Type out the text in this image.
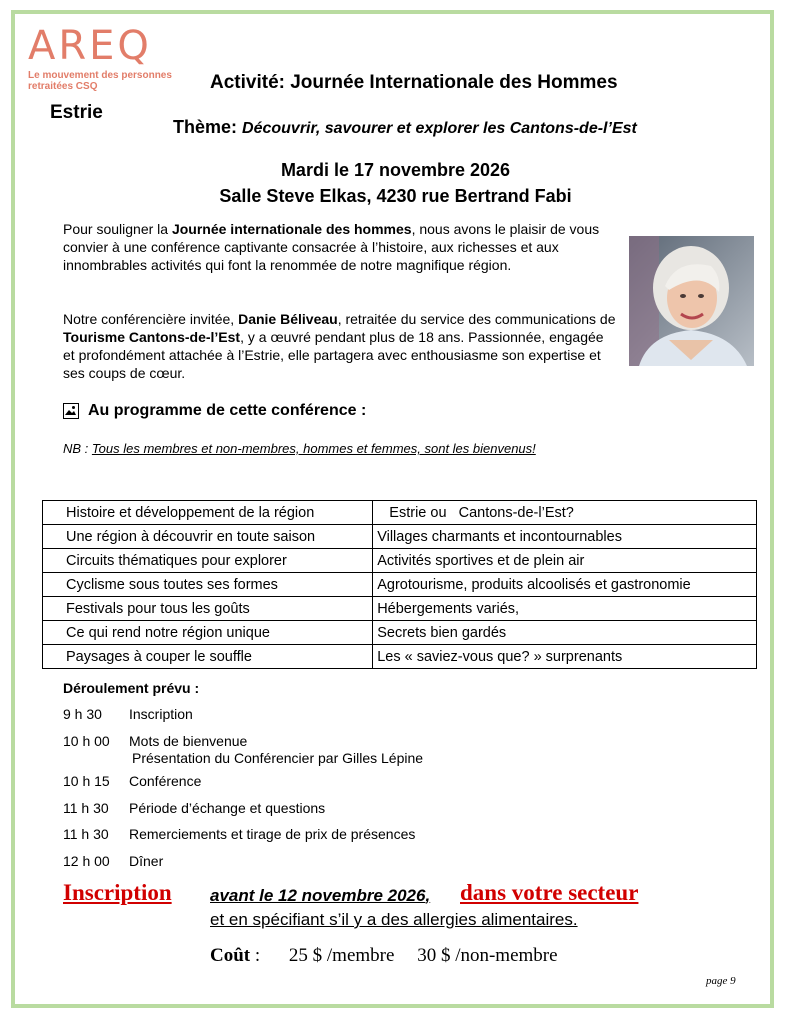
AREQ
Le mouvement des personnes
retraitées CSQ
Estrie
Activité: Journée Internationale des Hommes
Thème: Découvrir, savourer et explorer les Cantons-de-l’Est
Mardi le 17 novembre 2026
Salle Steve Elkas, 4230 rue Bertrand Fabi
Pour souligner la Journée internationale des hommes, nous avons le plaisir de vous convier à une conférence captivante consacrée à l’histoire, aux richesses et aux innombrables activités qui font la renommée de notre magnifique région.
Notre conférencière invitée, Danie Béliveau, retraitée du service des communications de Tourisme Cantons-de-l’Est, y a œuvré pendant plus de 18 ans. Passionnée, engagée et profondément attachée à l’Estrie, elle partagera avec enthousiasme son expertise et ses coups de cœur.
Au programme de cette conférence :
NB : Tous les membres et non-membres, hommes et femmes, sont les bienvenus!
Histoire et développement de la région	Estrie ou   Cantons-de-l’Est?
Une région à découvrir en toute saison	Villages charmants et incontournables
Circuits thématiques pour explorer	Activités sportives et de plein air
Cyclisme sous toutes ses formes	Agrotourisme, produits alcoolisés et gastronomie
Festivals pour tous les goûts	Hébergements variés,
Ce qui rend notre région unique	Secrets bien gardés
Paysages à couper le souffle	Les « saviez-vous que? » surprenants
Déroulement prévu :
9 h 30 Inscription
10 h 00 Mots de bienvenue
Présentation du Conférencier par Gilles Lépine
10 h 15 Conférence
11 h 30 Période d’échange et questions
11 h 30 Remerciements et tirage de prix de présences
12 h 00 Dîner
Inscription avant le 12 novembre 2026, dans votre secteur
et en spécifiant s’il y a des allergies alimentaires.
Coût : 25 $ /membre 30 $ /non-membre
page 9
